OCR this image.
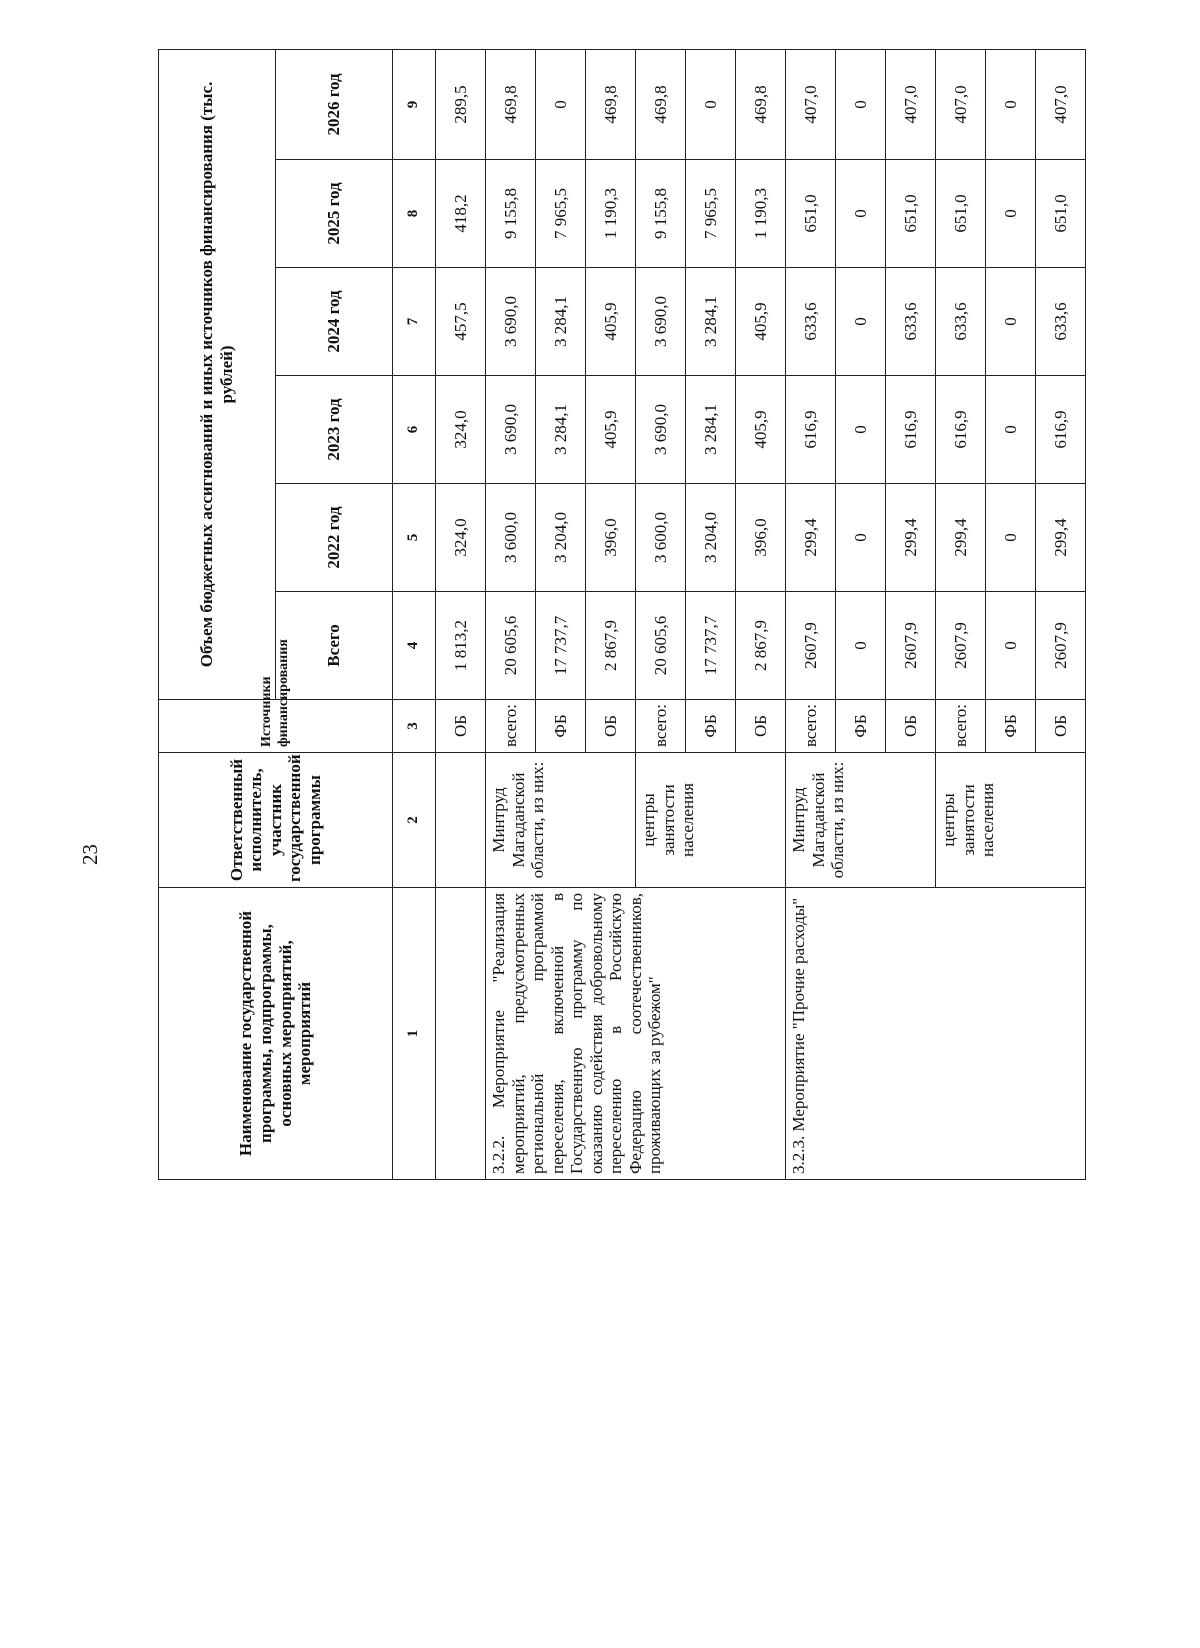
23
Наименование государственной программы, подпрограммы, основных мероприятий, мероприятий	Ответственный исполнитель, участник государственной программы	Источники финансирования	Объем бюджетных ассигнований и иных источников финансирования (тыс. рублей)					
			Всего	2022 год	2023 год	2024 год	2025 год	2026 год
1	2	3	4	5	6	7	8	9
		ОБ	1 813,2	324,0	324,0	457,5	418,2	289,5
3.2.2. Мероприятие "Реализация мероприятий, предусмотренных региональной программой переселения, включенной в Государственную программу по оказанию содействия добровольному переселению в Российскую Федерацию соотечественников, проживающих за рубежом"	Минтруд Магаданской области, из них:	всего:	20 605,6	3 600,0	3 690,0	3 690,0	9 155,8	469,8
		ФБ	17 737,7	3 204,0	3 284,1	3 284,1	7 965,5	0
		ОБ	2 867,9	396,0	405,9	405,9	1 190,3	469,8
	центры занятости населения	всего:	20 605,6	3 600,0	3 690,0	3 690,0	9 155,8	469,8
		ФБ	17 737,7	3 204,0	3 284,1	3 284,1	7 965,5	0
		ОБ	2 867,9	396,0	405,9	405,9	1 190,3	469,8
3.2.3. Мероприятие "Прочие расходы"	Минтруд Магаданской области, из них:	всего:	2607,9	299,4	616,9	633,6	651,0	407,0
		ФБ	0	0	0	0	0	0
		ОБ	2607,9	299,4	616,9	633,6	651,0	407,0
	центры занятости населения	всего:	2607,9	299,4	616,9	633,6	651,0	407,0
		ФБ	0	0	0	0	0	0
		ОБ	2607,9	299,4	616,9	633,6	651,0	407,0
